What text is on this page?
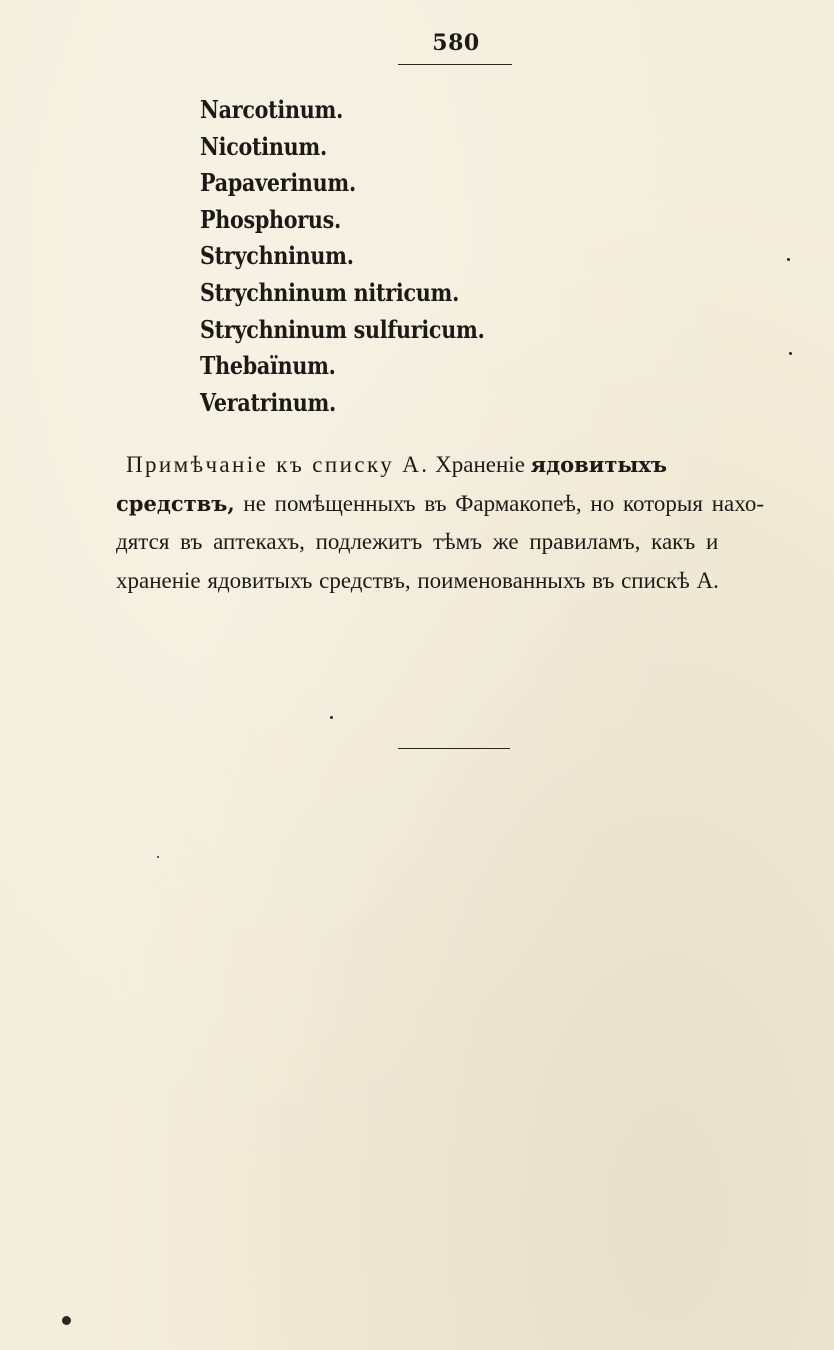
580
Narcotinum.
Nicotinum.
Papaverinum.
Phosphorus.
Strychninum.
Strychninum nitricum.
Strychninum sulfuricum.
Thebaïnum.
Veratrinum.
Примѣчаніе къ списку А. Храненіе ядовитыхъ
средствъ, не помѣщенныхъ въ Фармакопеѣ, но которыя нахо-
дятся въ аптекахъ, подлежитъ тѣмъ же правиламъ, какъ и
храненіе ядовитыхъ средствъ, поименованныхъ въ спискѣ А.
